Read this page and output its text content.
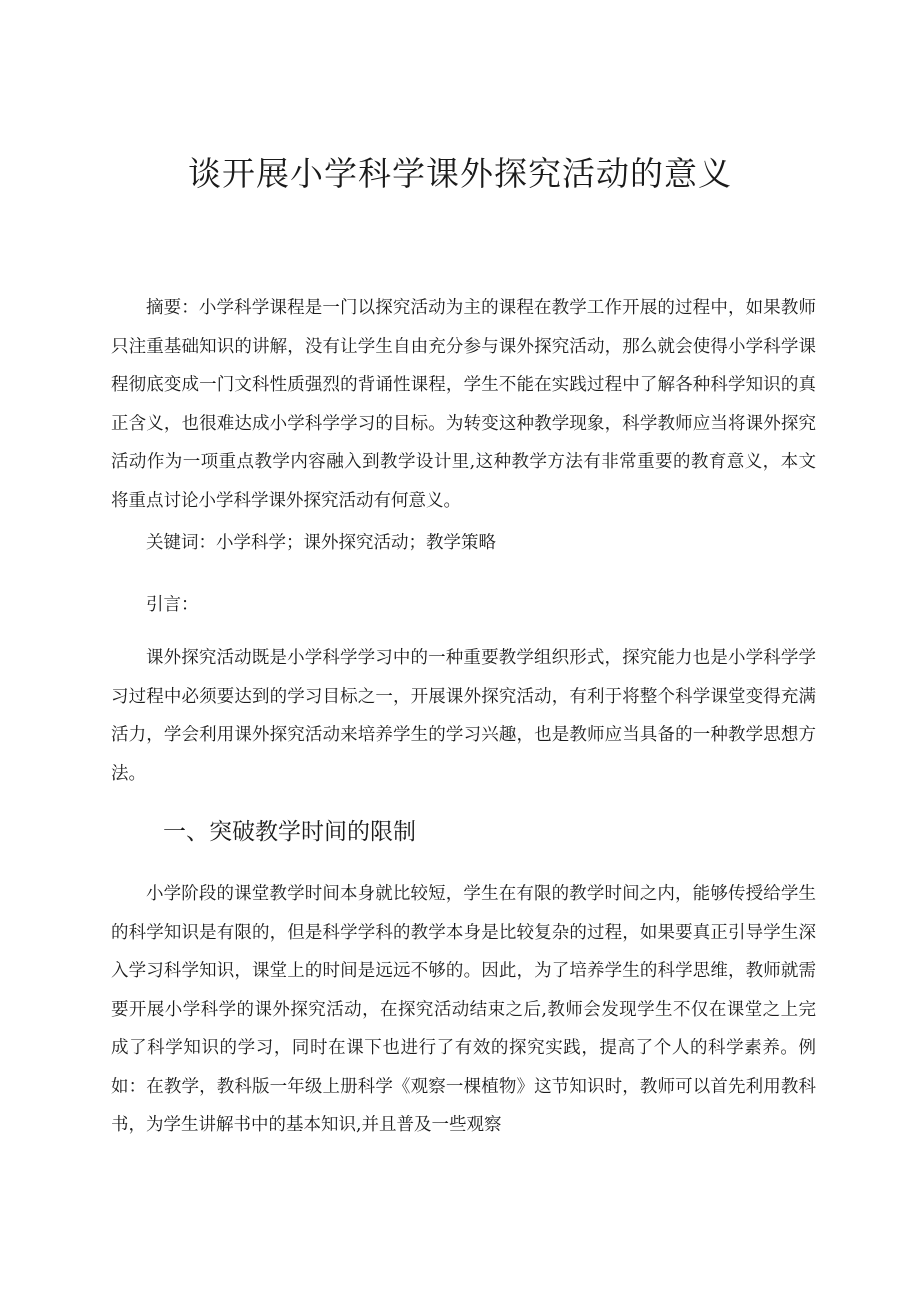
谈开展小学科学课外探究活动的意义

摘要：小学科学课程是一门以探究活动为主的课程在教学工作开展的过程中，如果教师只注重基础知识的讲解，没有让学生自由充分参与课外探究活动，那么就会使得小学科学课程彻底变成一门文科性质强烈的背诵性课程，学生不能在实践过程中了解各种科学知识的真正含义，也很难达成小学科学学习的目标。为转变这种教学现象，科学教师应当将课外探究活动作为一项重点教学内容融入到教学设计里,这种教学方法有非常重要的教育意义，本文将重点讨论小学科学课外探究活动有何意义。

关键词：小学科学；课外探究活动；教学策略

引言：

课外探究活动既是小学科学学习中的一种重要教学组织形式，探究能力也是小学科学学习过程中必须要达到的学习目标之一，开展课外探究活动，有利于将整个科学课堂变得充满活力，学会利用课外探究活动来培养学生的学习兴趣，也是教师应当具备的一种教学思想方法。

一、突破教学时间的限制

小学阶段的课堂教学时间本身就比较短，学生在有限的教学时间之内，能够传授给学生的科学知识是有限的，但是科学学科的教学本身是比较复杂的过程，如果要真正引导学生深入学习科学知识，课堂上的时间是远远不够的。因此，为了培养学生的科学思维，教师就需要开展小学科学的课外探究活动，在探究活动结束之后,教师会发现学生不仅在课堂之上完成了科学知识的学习，同时在课下也进行了有效的探究实践，提高了个人的科学素养。例如：在教学，教科版一年级上册科学《观察一棵植物》这节知识时，教师可以首先利用教科书，为学生讲解书中的基本知识,并且普及一些观察
